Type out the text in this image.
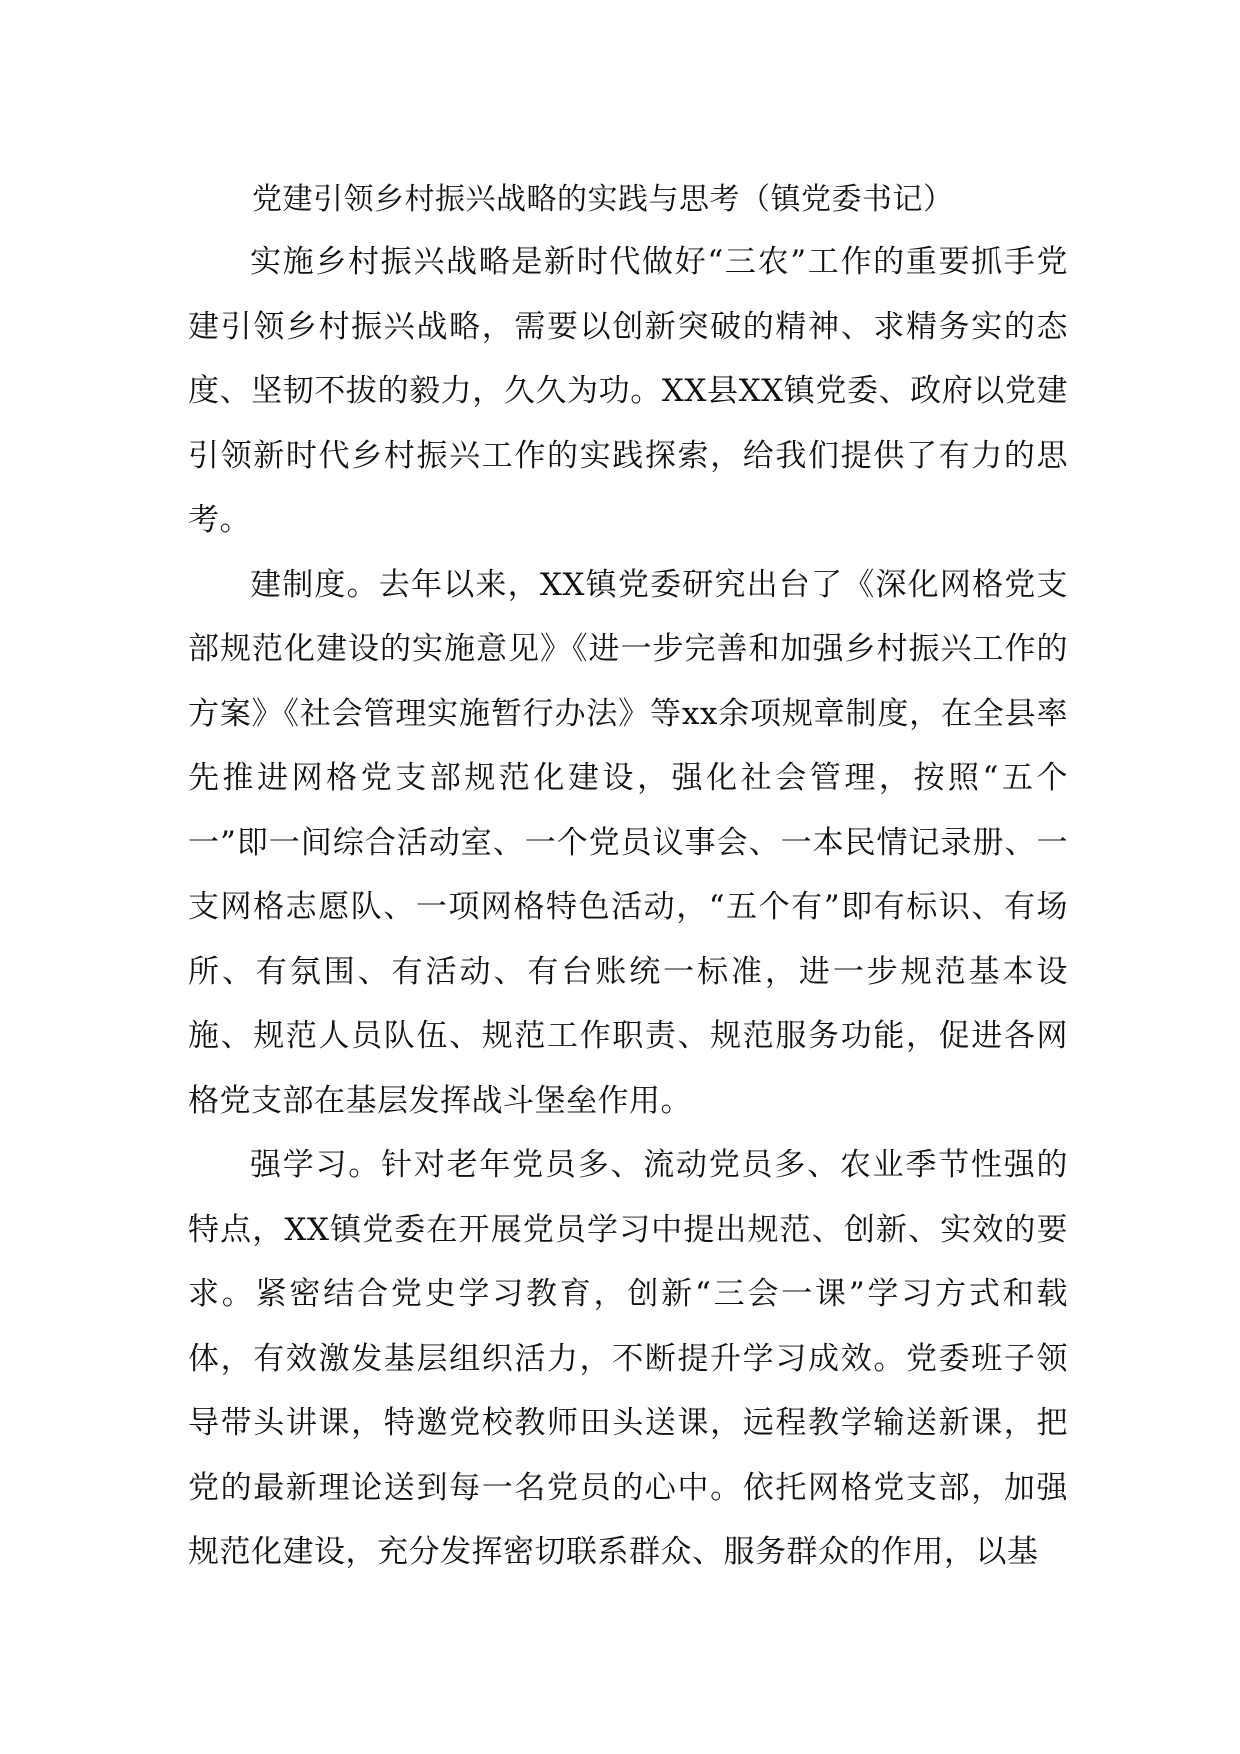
党建引领乡村振兴战略的实践与思考（镇党委书记）

实施乡村振兴战略是新时代做好“三农”工作的重要抓手党建引领乡村振兴战略，需要以创新突破的精神、求精务实的态度、坚韧不拔的毅力，久久为功。XX县XX镇党委、政府以党建引领新时代乡村振兴工作的实践探索，给我们提供了有力的思考。

建制度。去年以来，XX镇党委研究出台了《深化网格党支部规范化建设的实施意见》《进一步完善和加强乡村振兴工作的方案》《社会管理实施暂行办法》等xx余项规章制度，在全县率先推进网格党支部规范化建设，强化社会管理，按照“五个一”即一间综合活动室、一个党员议事会、一本民情记录册、一支网格志愿队、一项网格特色活动，“五个有”即有标识、有场所、有氛围、有活动、有台账统一标准，进一步规范基本设施、规范人员队伍、规范工作职责、规范服务功能，促进各网格党支部在基层发挥战斗堡垒作用。

强学习。针对老年党员多、流动党员多、农业季节性强的特点，XX镇党委在开展党员学习中提出规范、创新、实效的要求。紧密结合党史学习教育，创新“三会一课”学习方式和载体，有效激发基层组织活力，不断提升学习成效。党委班子领导带头讲课，特邀党校教师田头送课，远程教学输送新课，把党的最新理论送到每一名党员的心中。依托网格党支部，加强规范化建设，充分发挥密切联系群众、服务群众的作用，以基
